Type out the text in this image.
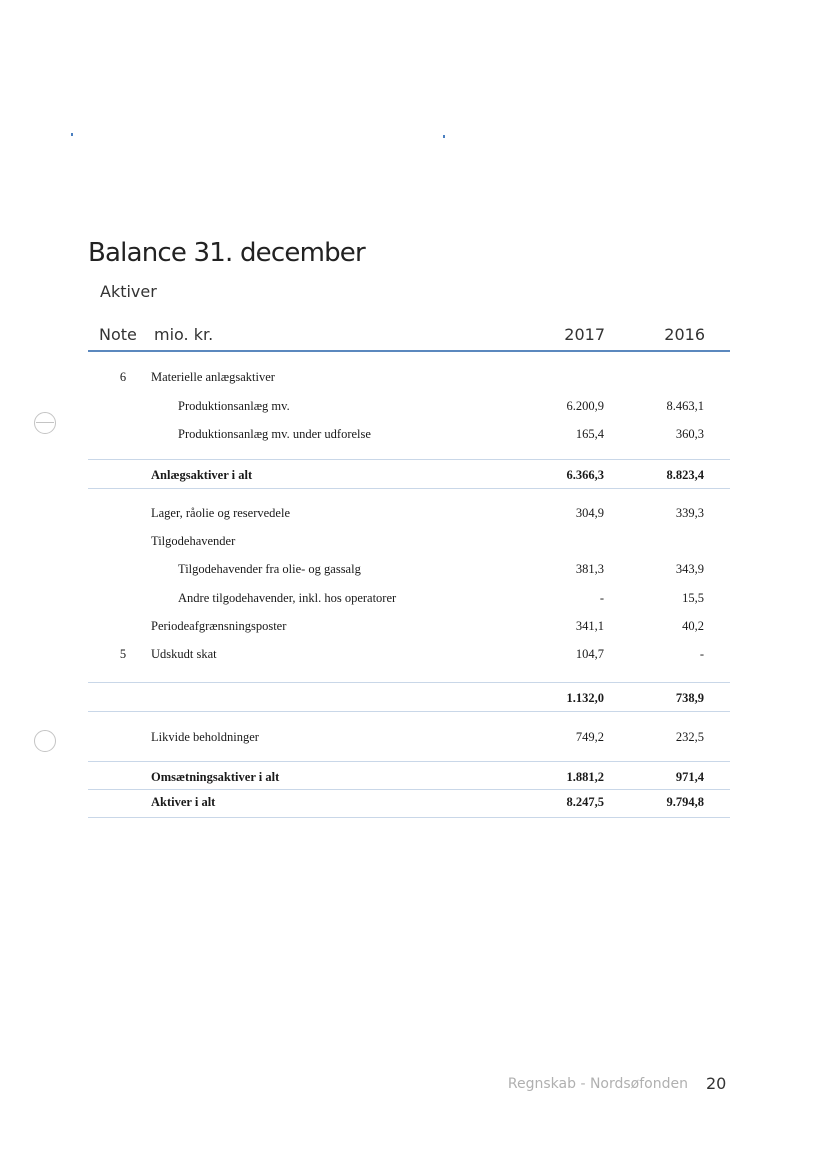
Balance 31. december
Aktiver
Note mio. kr.	2017	2016
6	Materielle anlægsaktiver
Produktionsanlæg mv.	6.200,9	8.463,1
Produktionsanlæg mv. under udforelse	165,4	360,3
Anlægsaktiver i alt	6.366,3	8.823,4
Lager, råolie og reservedele	304,9	339,3
Tilgodehavender
Tilgodehavender fra olie- og gassalg	381,3	343,9
Andre tilgodehavender, inkl. hos operatorer	-	15,5
Periodeafgrænsningsposter	341,1	40,2
5	Udskudt skat	104,7	-
1.132,0	738,9
Likvide beholdninger	749,2	232,5
Omsætningsaktiver i alt	1.881,2	971,4
Aktiver i alt	8.247,5	9.794,8
Regnskab - Nordsøfonden 20
